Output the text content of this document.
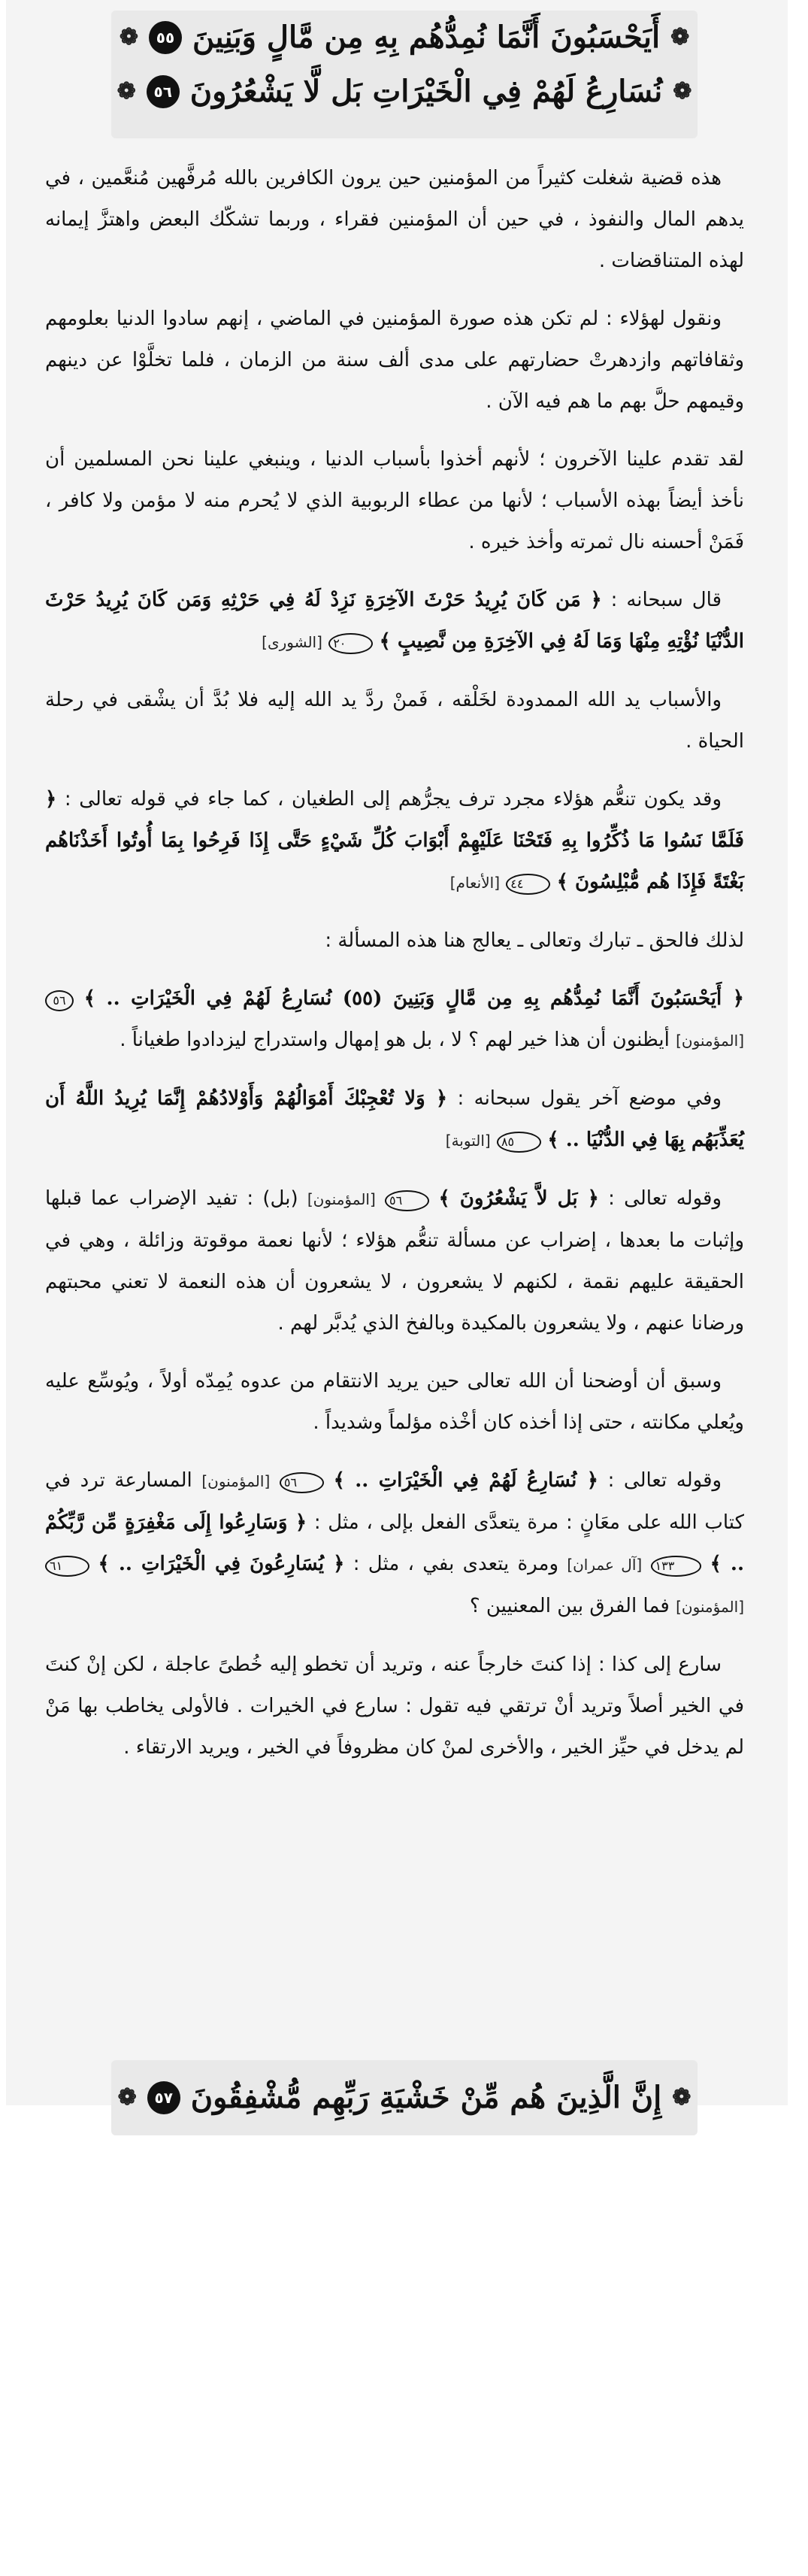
❁
أَيَحْسَبُونَ أَنَّمَا نُمِدُّهُم بِهِ مِن مَّالٍ وَبَنِينَ
٥٥
❁
❁
نُسَارِعُ لَهُمْ فِي الْخَيْرَاتِ بَل لَّا يَشْعُرُونَ
٥٦
❁

هذه قضية شغلت كثيراً من المؤمنين حين يرون الكافرين بالله مُرفَّهين مُنعَّمين ، في يدهم المال والنفوذ ، في حين أن المؤمنين فقراء ، وربما تشكّك البعض واهتزَّ إيمانه لهذه المتناقضات .

ونقول لهؤلاء : لم تكن هذه صورة المؤمنين في الماضي ، إنهم سادوا الدنيا بعلومهم وثقافاتهم وازدهرتْ حضارتهم على مدى ألف سنة من الزمان ، فلما تخلَّوْا عن دينهم وقيمهم حلَّ بهم ما هم فيه الآن .

لقد تقدم علينا الآخرون ؛ لأنهم أخذوا بأسباب الدنيا ، وينبغي علينا نحن المسلمين أن نأخذ أيضاً بهذه الأسباب ؛ لأنها من عطاء الربوبية الذي لا يُحرم منه لا مؤمن ولا كافر ، فَمَنْ أحسنه نال ثمرته وأخذ خيره .

قال سبحانه : ﴿ مَن كَانَ يُرِيدُ حَرْثَ الآخِرَةِ نَزِدْ لَهُ فِي حَرْثِهِ وَمَن كَانَ يُرِيدُ حَرْثَ الدُّنْيَا نُؤْتِهِ مِنْهَا وَمَا لَهُ فِي الآخِرَةِ مِن نَّصِيبٍ ﴾ ٢٠ [الشورى]

والأسباب يد الله الممدودة لخَلْقه ، فَمنْ ردَّ يد الله إليه فلا بُدَّ أن يشْقى في رحلة الحياة .

وقد يكون تنعُّم هؤلاء مجرد ترف يجرُّهم إلى الطغيان ، كما جاء في قوله تعالى : ﴿ فَلَمَّا نَسُوا مَا ذُكِّرُوا بِهِ فَتَحْنَا عَلَيْهِمْ أَبْوَابَ كُلِّ شَيْءٍ حَتَّى إِذَا فَرِحُوا بِمَا أُوتُوا أَخَذْنَاهُم بَغْتَةً فَإِذَا هُم مُّبْلِسُونَ ﴾ ٤٤ [الأنعام]

لذلك فالحق ـ تبارك وتعالى ـ يعالج هنا هذه المسألة :

﴿ أَيَحْسَبُونَ أَنَّمَا نُمِدُّهُم بِهِ مِن مَّالٍ وَبَنِينَ (٥٥) نُسَارِعُ لَهُمْ فِي الْخَيْرَاتِ .. ﴾ ٥٦ [المؤمنون] أيظنون أن هذا خير لهم ؟ لا ، بل هو إمهال واستدراج ليزدادوا طغياناً .

وفي موضع آخر يقول سبحانه : ﴿ وَلا تُعْجِبْكَ أَمْوَالُهُمْ وَأَوْلادُهُمْ إِنَّمَا يُرِيدُ اللَّهُ أَن يُعَذِّبَهُم بِهَا فِي الدُّنْيَا .. ﴾ ٨٥ [التوبة]

وقوله تعالى : ﴿ بَل لاَّ يَشْعُرُونَ ﴾ ٥٦ [المؤمنون] (بل) : تفيد الإضراب عما قبلها وإثبات ما بعدها ، إضراب عن مسألة تنعُّم هؤلاء ؛ لأنها نعمة موقوتة وزائلة ، وهي في الحقيقة عليهم نقمة ، لكنهم لا يشعرون ، لا يشعرون أن هذه النعمة لا تعني محبتهم ورضانا عنهم ، ولا يشعرون بالمكيدة وبالفخ الذي يُدبَّر لهم .

وسبق أن أوضحنا أن الله تعالى حين يريد الانتقام من عدوه يُمِدّه أولاً ، ويُوسِّع عليه ويُعلي مكانته ، حتى إذا أخذه كان أخْذه مؤلماً وشديداً .

وقوله تعالى : ﴿ نُسَارِعُ لَهُمْ فِي الْخَيْرَاتِ .. ﴾ ٥٦ [المؤمنون] المسارعة ترد في كتاب الله على معَانٍ : مرة يتعدَّى الفعل بإلى ، مثل : ﴿ وَسَارِعُوا إِلَى مَغْفِرَةٍ مِّن رَّبِّكُمْ .. ﴾ ١٣٣ [آل عمران] ومرة يتعدى بفي ، مثل : ﴿ يُسَارِعُونَ فِي الْخَيْرَاتِ .. ﴾ ٦١ [المؤمنون] فما الفرق بين المعنيين ؟

سارع إلى كذا : إذا كنتَ خارجاً عنه ، وتريد أن تخطو إليه خُطىً عاجلة ، لكن إنْ كنتَ في الخير أصلاً وتريد أنْ ترتقي فيه تقول : سارع في الخيرات . فالأولى يخاطب بها مَنْ لم يدخل في حيِّز الخير ، والأخرى لمنْ كان مظروفاً في الخير ، ويريد الارتقاء .

❁
إِنَّ الَّذِينَ هُم مِّنْ خَشْيَةِ رَبِّهِم مُّشْفِقُونَ
٥٧
❁
